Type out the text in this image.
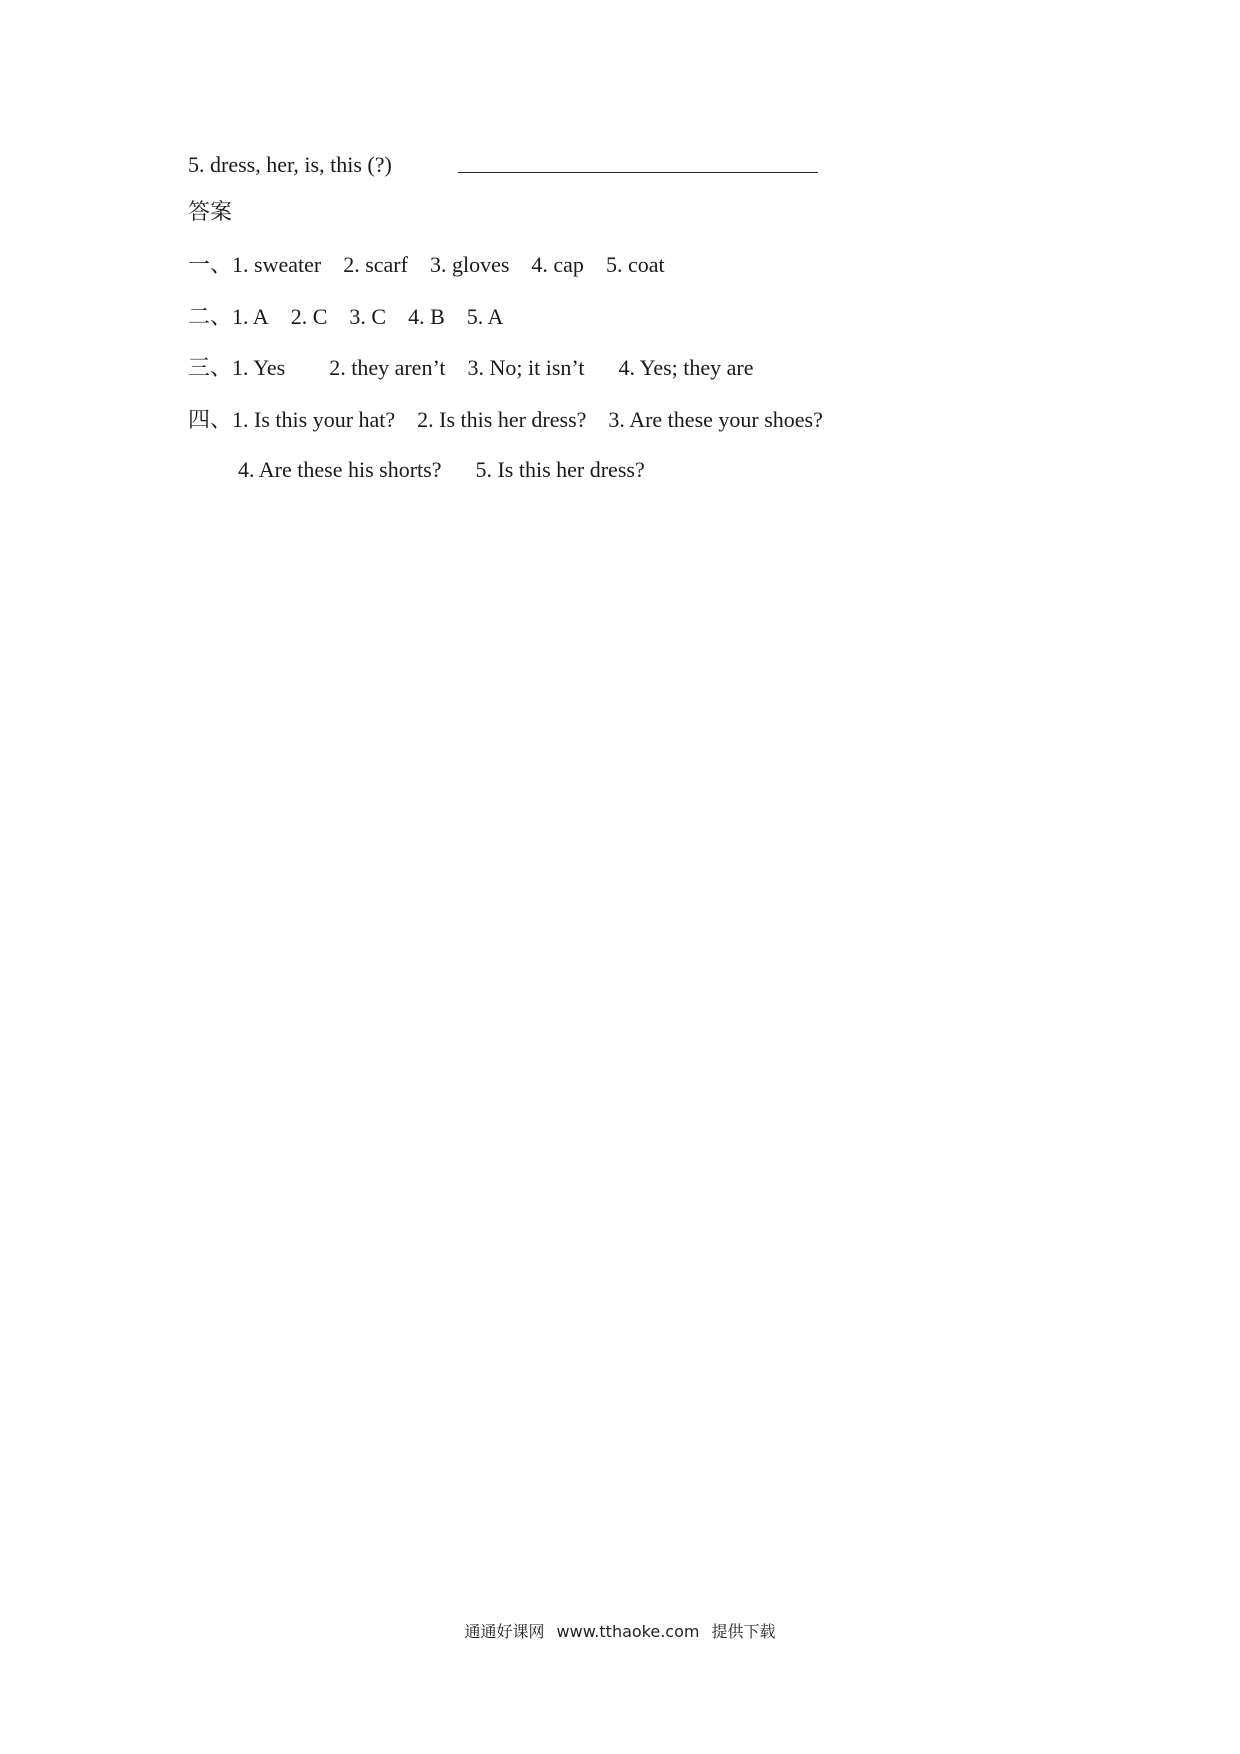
5. dress, her, is, this (?)
答案
一、1. sweater 2. scarf 3. gloves 4. cap 5. coat
二、1. A 2. C 3. C 4. B 5. A
三、1. Yes 2. they aren’t 3. No; it isn’t 4. Yes; they are
四、1. Is this your hat? 2. Is this her dress? 3. Are these your shoes?
4. Are these his shorts? 5. Is this her dress?
通通好课网 www.tthaoke.com 提供下载
